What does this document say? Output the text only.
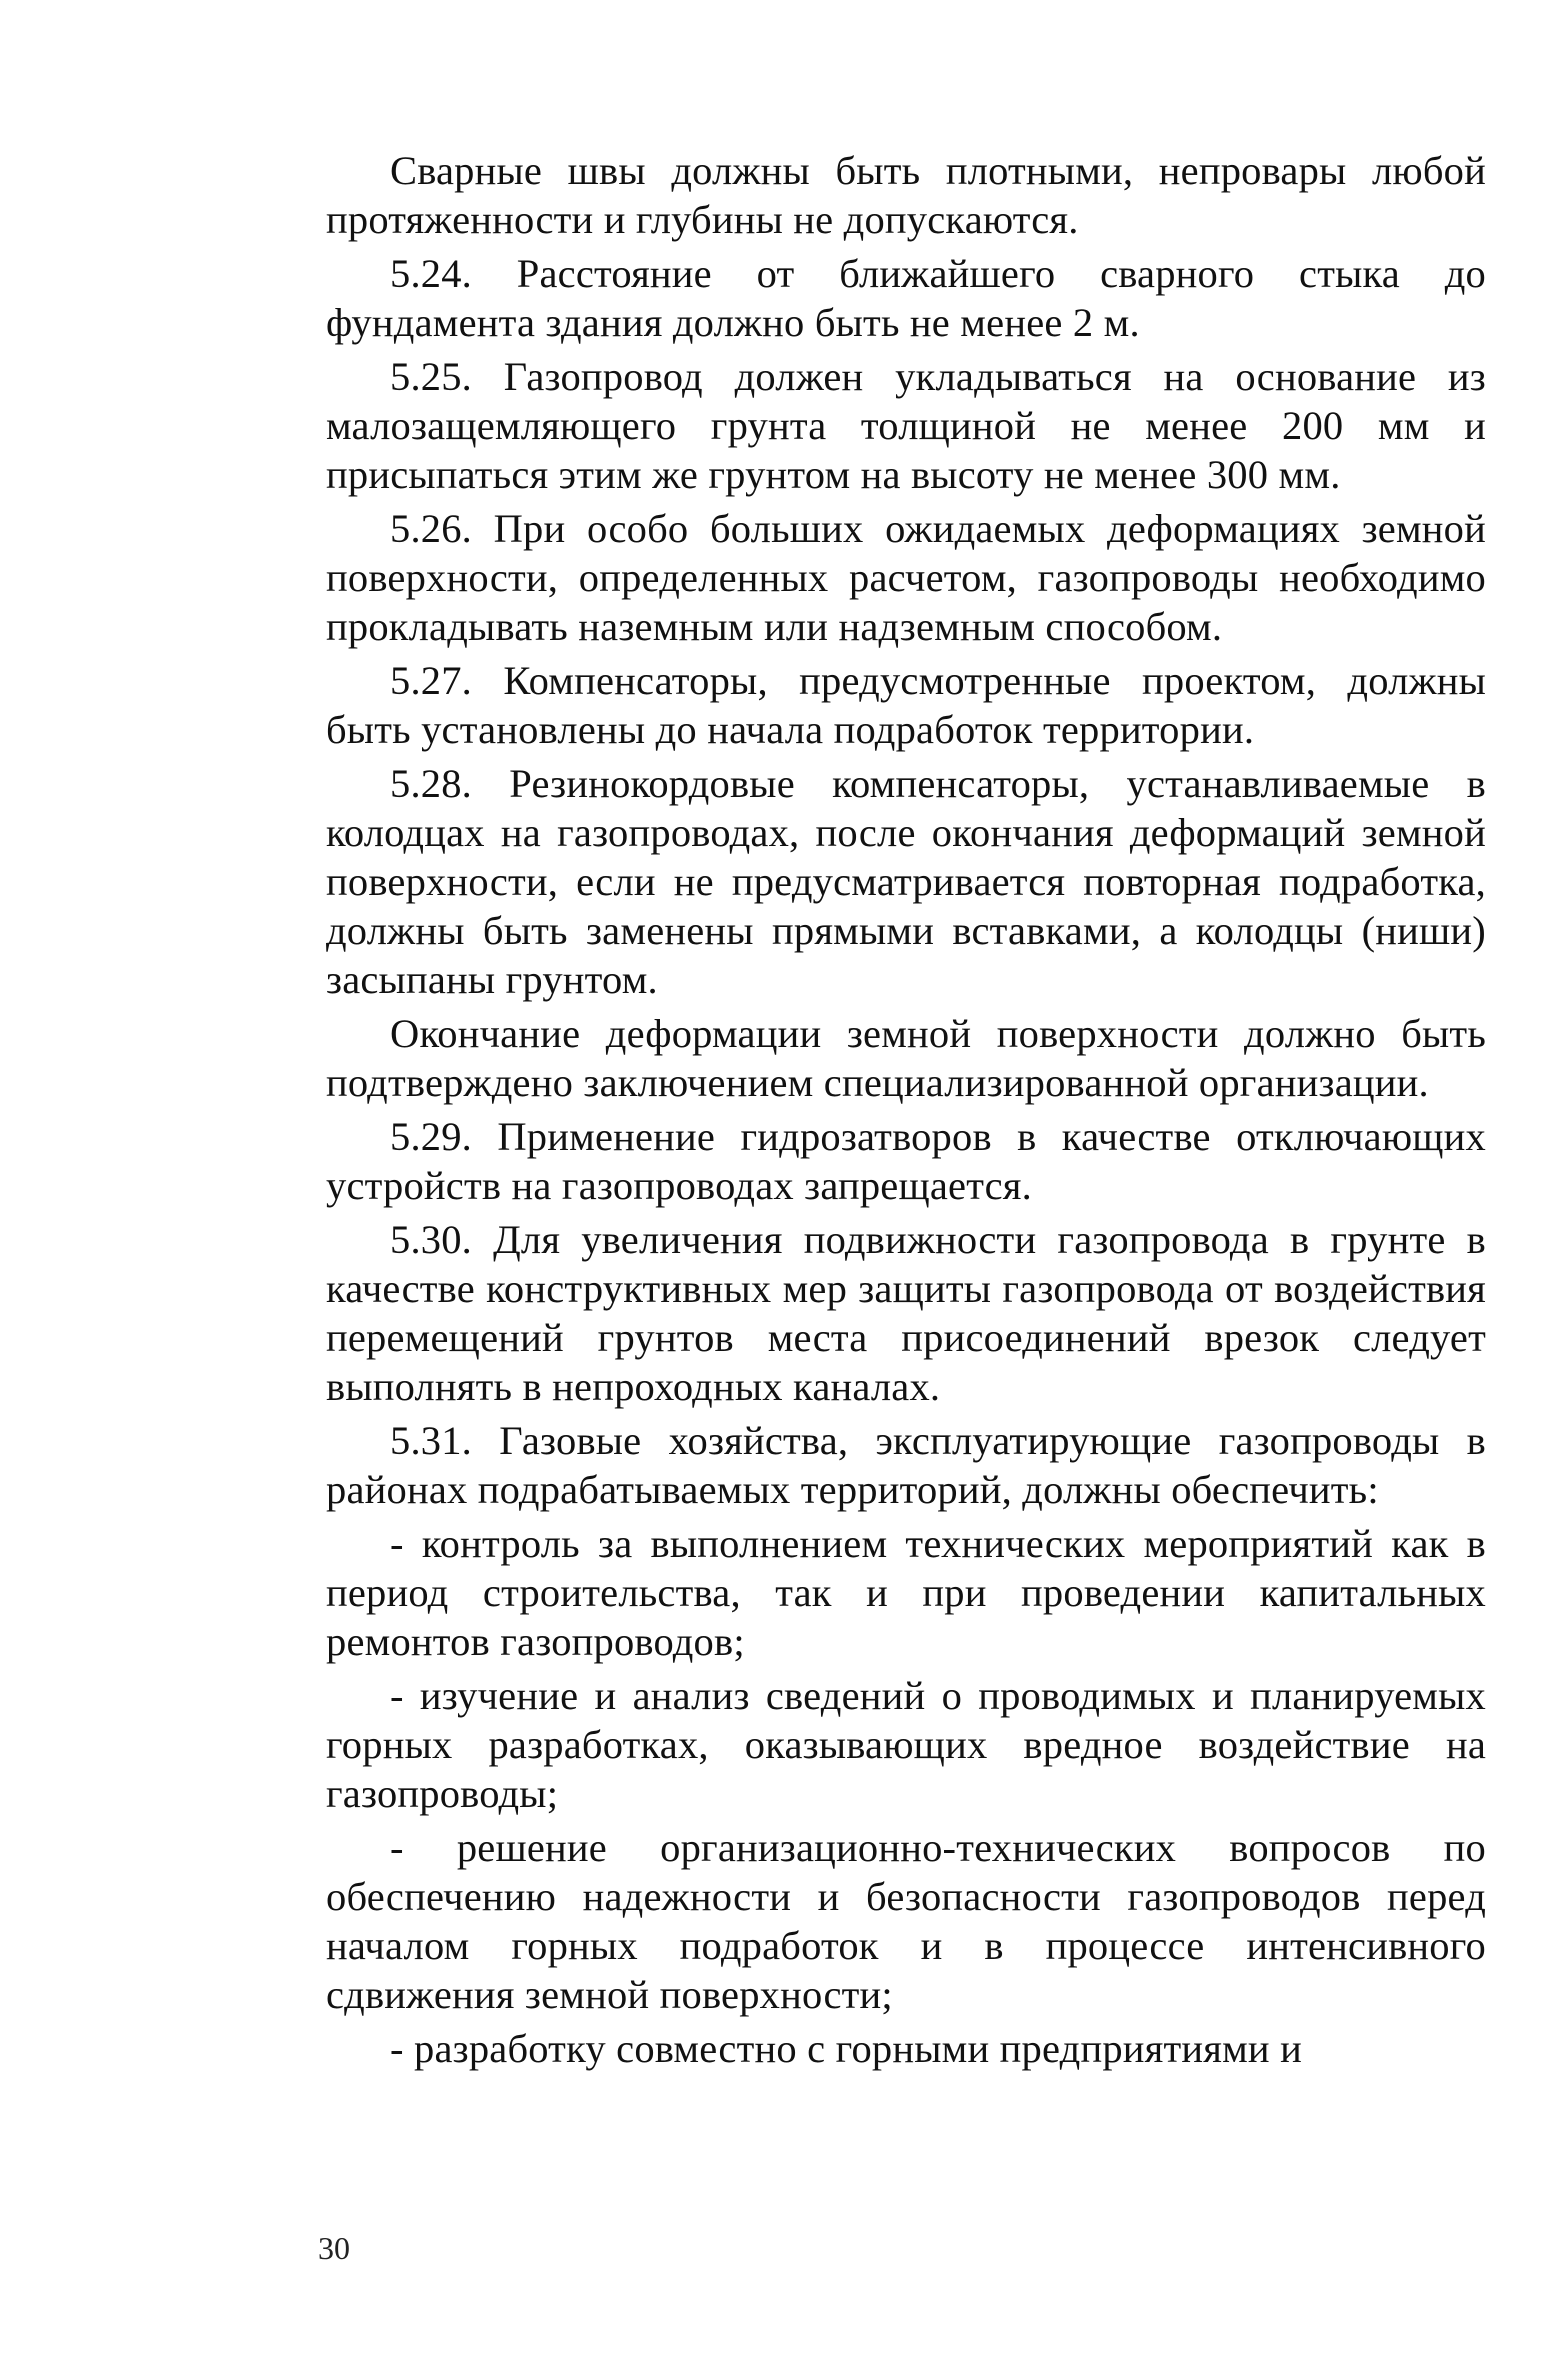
Сварные швы должны быть плотными, непровары любой протяженности и глубины не допускаются.

5.24. Расстояние от ближайшего сварного стыка до фундамента здания должно быть не менее 2 м.

5.25. Газопровод должен укладываться на основание из малозащемляющего грунта толщиной не менее 200 мм и присыпаться этим же грунтом на высоту не менее 300 мм.

5.26. При особо больших ожидаемых деформациях земной поверхности, определенных расчетом, газопроводы необходимо прокладывать наземным или надземным способом.

5.27. Компенсаторы, предусмотренные проектом, должны быть установлены до начала подработок территории.

5.28. Резинокордовые компенсаторы, устанавливаемые в колодцах на газопроводах, после окончания деформаций земной поверхности, если не предусматривается повторная подработка, должны быть заменены прямыми вставками, а колодцы (ниши) засыпаны грунтом.

Окончание деформации земной поверхности должно быть подтверждено заключением специализированной организации.

5.29. Применение гидрозатворов в качестве отключающих устройств на газопроводах запрещается.

5.30. Для увеличения подвижности газопровода в грунте в качестве конструктивных мер защиты газопровода от воздействия перемещений грунтов места присоединений врезок следует выполнять в непроходных каналах.

5.31. Газовые хозяйства, эксплуатирующие газопроводы в районах подрабатываемых территорий, должны обеспечить:

- контроль за выполнением технических мероприятий как в период строительства, так и при проведении капитальных ремонтов газопроводов;

- изучение и анализ сведений о проводимых и планируемых горных разработках, оказывающих вредное воздействие на газопроводы;

- решение организационно-технических вопросов по обеспечению надежности и безопасности газопроводов перед началом горных подработок и в процессе интенсивного сдвижения земной поверхности;

- разработку совместно с горными предприятиями и

30
